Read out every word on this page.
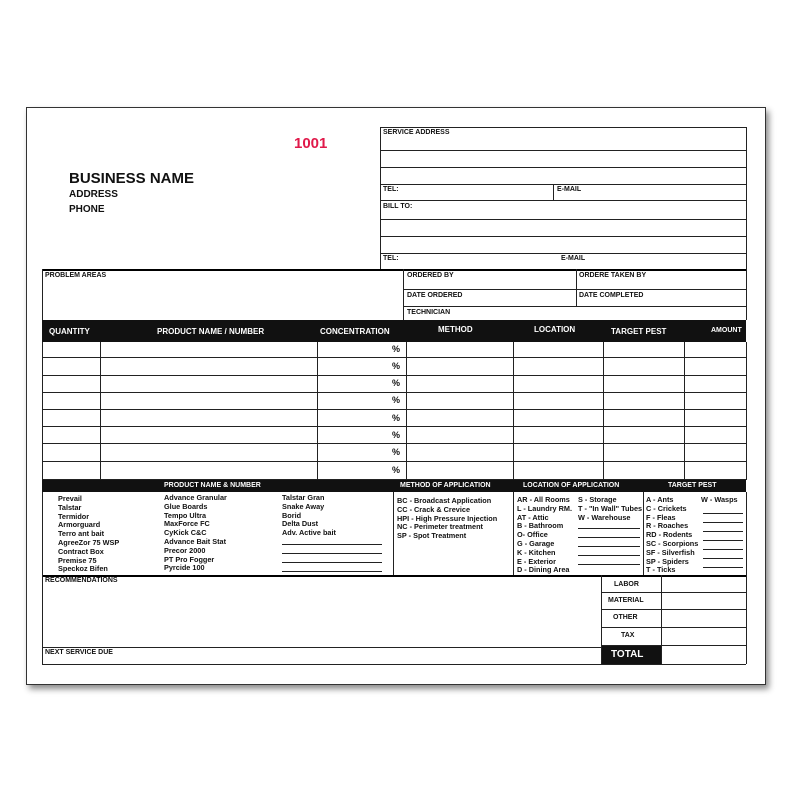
1001
BUSINESS NAME
ADDRESS
PHONE
SERVICE ADDRESS
TEL:	E-MAIL
BILL TO:
TEL:	E-MAIL
PROBLEM AREAS	ORDERED BY	ORDERE TAKEN BY
DATE ORDERED	DATE COMPLETED
TECHNICIAN
QUANTITY	PRODUCT NAME / NUMBER	CONCENTRATION	METHOD	LOCATION	TARGET PEST	AMOUNT
%
%
%
%
%
%
%
%
PRODUCT NAME & NUMBER	METHOD OF APPLICATION	LOCATION OF APPLICATION	TARGET PEST
Prevail
Talstar
Termidor
Armorguard
Terro ant bait
AgreeZor 75 WSP
Contract Box
Premise 75
Speckoz Bifen
Advance Granular
Glue Boards
Tempo Ultra
MaxForce FC
CyKick C&C
Advance Bait Stat
Precor 2000
PT Pro Fogger
Pyrcide 100
Talstar Gran
Snake Away
Borid
Delta Dust
Adv. Active bait
BC - Broadcast Application
CC - Crack & Crevice
HPI - High Pressure Injection
NC - Perimeter treatment
SP - Spot Treatment
AR - All Rooms
L - Laundry RM.
AT - Attic
B - Bathroom
O- Office
G - Garage
K - Kitchen
E - Exterior
D - Dining Area
S - Storage
T - "In Wall" Tubes
W - Warehouse
A - Ants
C - Crickets
F - Fleas
R - Roaches
RD - Rodents
SC - Scorpions
SF - Silverfish
SP - Spiders
T - Ticks
W - Wasps
RECOMMENDATIONS
NEXT SERVICE DUE
LABOR
MATERIAL
OTHER
TAX
TOTAL
